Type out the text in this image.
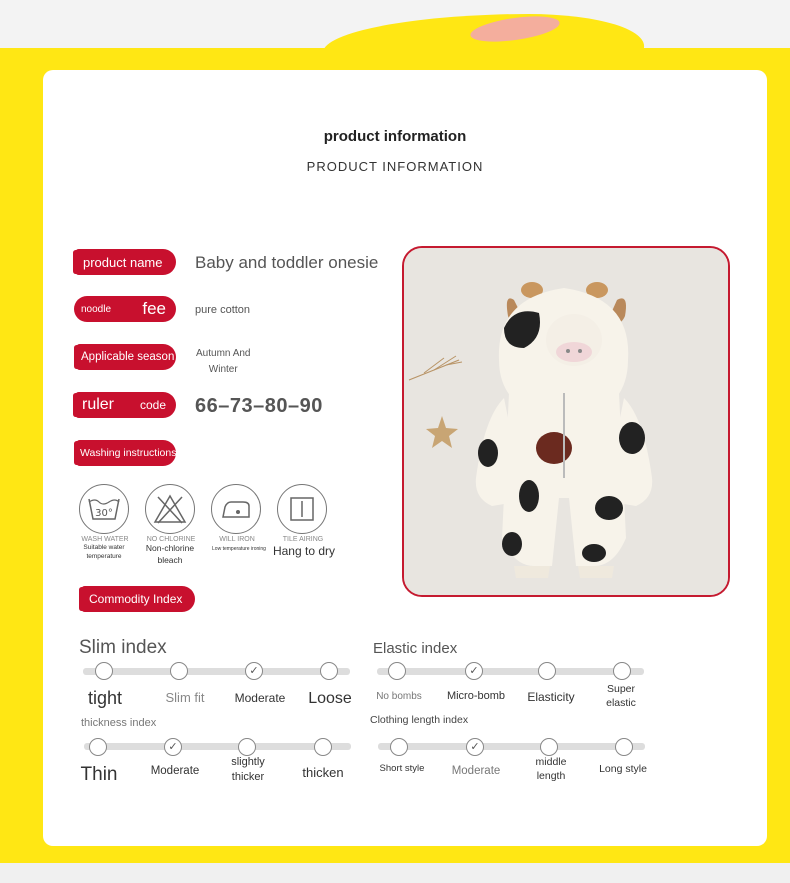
product information
PRODUCT INFORMATION
product name Baby and toddler onesie
noodle fee	pure cotton
Applicable season Autumn And
Winter
ruler code 66–73–80–90
Washing instructions
30°
WASH WATER	NO CHLORINE	WILL IRON	TILE AIRING
Suitable water
temperature
Non-chlorine
bleach
Low temperature ironing Hang to dry
Commodity Index
Slim index
✓
tight	Slim fit	Moderate	Loose
Elastic index
✓
No bombs	Micro-bomb	Elasticity
Super elastic
thickness index
✓
Thin	Moderate
slightly thicker	thicken
Clothing length index
✓
Short style	Moderate
middle length
Long style
